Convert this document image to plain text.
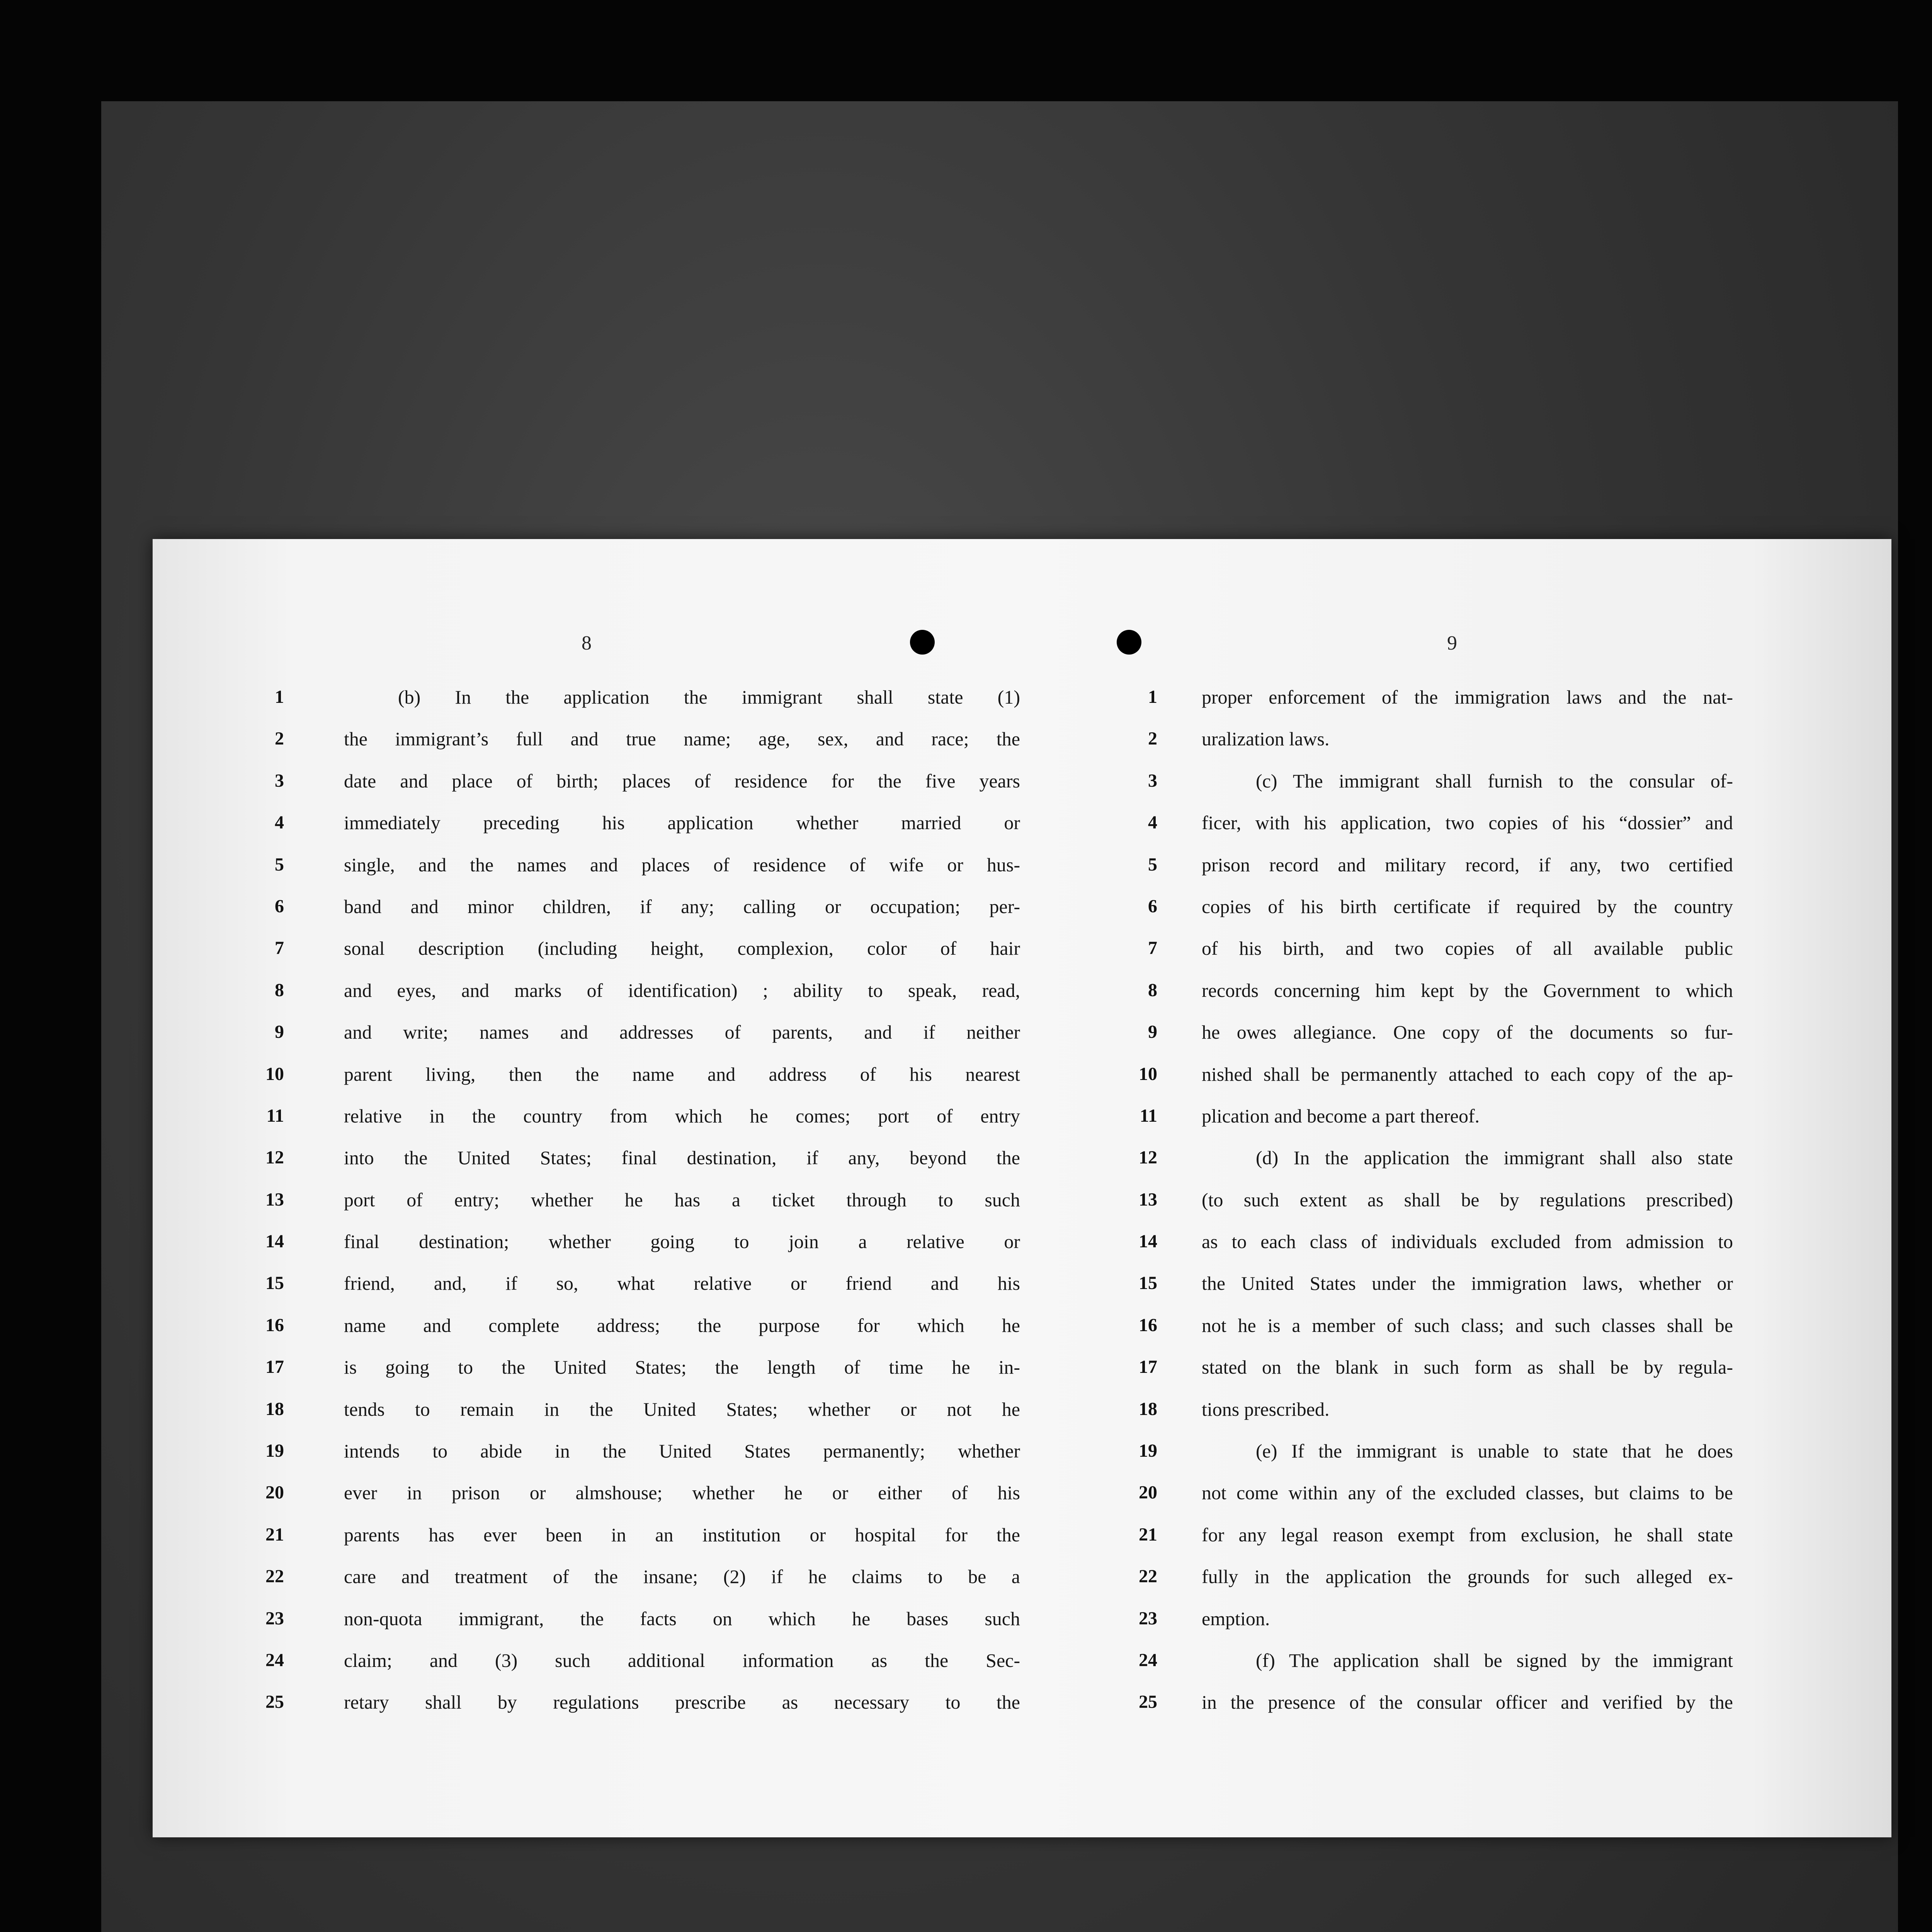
8	9
1	(b) In the application the immigrant shall state (1)
2	the immigrant’s full and true name; age, sex, and race; the
3	date and place of birth; places of residence for the five years
4	immediately preceding his application whether married or
5	single, and the names and places of residence of wife or hus-
6	band and minor children, if any; calling or occupation; per-
7	sonal description (including height, complexion, color of hair
8	and eyes, and marks of identification) ; ability to speak, read,
9	and write; names and addresses of parents, and if neither
10	parent living, then the name and address of his nearest
11	relative in the country from which he comes; port of entry
12	into the United States; final destination, if any, beyond the
13	port of entry; whether he has a ticket through to such
14	final destination; whether going to join a relative or
15	friend, and, if so, what relative or friend and his
16	name and complete address; the purpose for which he
17	is going to the United States; the length of time he in-
18	tends to remain in the United States; whether or not he
19	intends to abide in the United States permanently; whether
20	ever in prison or almshouse; whether he or either of his
21	parents has ever been in an institution or hospital for the
22	care and treatment of the insane; (2) if he claims to be a
23	non-quota immigrant, the facts on which he bases such
24	claim; and (3) such additional information as the Sec-
25	retary shall by regulations prescribe as necessary to the
1 proper enforcement of the immigration laws and the nat-
2 uralization laws.
3	(c) The immigrant shall furnish to the consular of-
4 ficer, with his application, two copies of his “dossier” and
5 prison record and military record, if any, two certified
6 copies of his birth certificate if required by the country
7 of his birth, and two copies of all available public
8 records concerning him kept by the Government to which
9 he owes allegiance. One copy of the documents so fur-
10 nished shall be permanently attached to each copy of the ap-
11 plication and become a part thereof.
12	(d) In the application the immigrant shall also state
13 (to such extent as shall be by regulations prescribed)
14 as to each class of individuals excluded from admission to
15 the United States under the immigration laws, whether or
16 not he is a member of such class; and such classes shall be
17 stated on the blank in such form as shall be by regula-
18 tions prescribed.
19	(e) If the immigrant is unable to state that he does
20 not come within any of the excluded classes, but claims to be
21 for any legal reason exempt from exclusion, he shall state
22 fully in the application the grounds for such alleged ex-
23 emption.
24	(f) The application shall be signed by the immigrant
25 in the presence of the consular officer and verified by the
